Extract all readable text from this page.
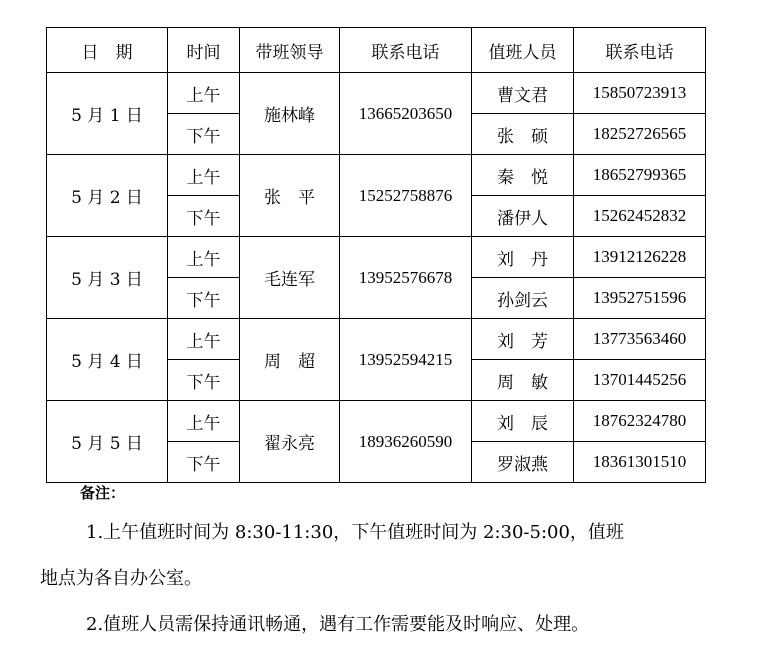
日　期	时间	带班领导	联系电话	值班人员	联系电话
5 月 1 日	上午	施林峰	13665203650	曹文君	15850723913
	下午			张　硕	18252726565
5 月 2 日	上午	张　平	15252758876	秦　悦	18652799365
	下午			潘伊人	15262452832
5 月 3 日	上午	毛连军	13952576678	刘　丹	13912126228
	下午			孙剑云	13952751596
5 月 4 日	上午	周　超	13952594215	刘　芳	13773563460
	下午			周　敏	13701445256
5 月 5 日	上午	翟永亮	18936260590	刘　辰	18762324780
	下午			罗淑燕	18361301510
备注：
1.上午值班时间为 8:30-11:30，下午值班时间为 2:30-5:00，值班
地点为各自办公室。
2.值班人员需保持通讯畅通，遇有工作需要能及时响应、处理。
